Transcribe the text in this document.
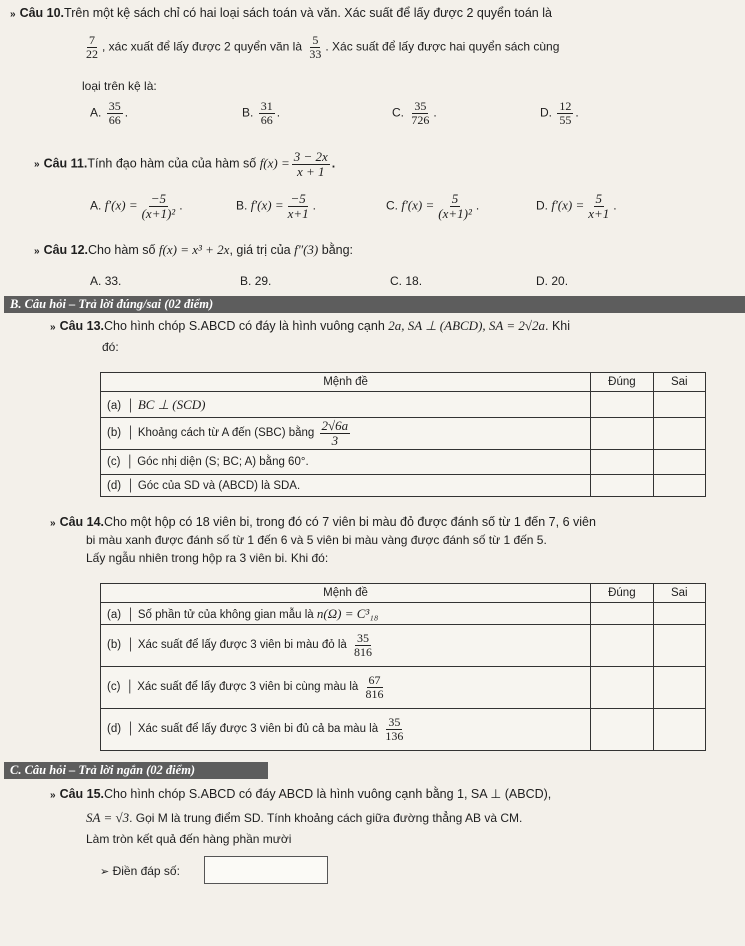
» Câu 10.Trên một kệ sách chỉ có hai loại sách toán và văn. Xác suất để lấy được 2 quyển toán là
$\frac{7}{22}$ , xác xuất để lấy được 2 quyển văn là $\frac{5}{33}$ . Xác suất để lấy được hai quyển sách cùng
loại trên kệ là:
A. $\frac{35}{66}$ .	B. $\frac{31}{66}$ .	C. $\frac{35}{726}$ .	D. $\frac{12}{55}$ .
» Câu 11.Tính đạo hàm của của hàm số $f(x) = \frac{3 - 2x}{x + 1}$ .
A. $f'(x) = \frac{-5}{\text{(x+1)²}}$ .	B. $f'(x) = \frac{-5}{x+1}$ .	C. $f'(x) = \frac{5}{\text{(x+1)²}}$ .	D. $f'(x) = \frac{5}{x+1}$ .
» Câu 12.Cho hàm số f(x) = x³ + 2x, giá trị của f″(3) bằng:
A. 33.	B. 29.	C. 18.	D. 20.
B. Câu hỏi – Trả lời đúng/sai (02 điểm)
» Câu 13.Cho hình chóp S.ABCD có đáy là hình vuông cạnh 2a, SA ⊥ (ABCD), SA = 2√2a. Khi
đó:
Mệnh đề	Đúng	Sai
(a)  │ BC ⊥ (SCD)		
(b)  │ Khoảng cách từ A đến (SBC) bằng $\frac{2√6a}{3}$

(c)  │ Góc nhị diện (S; BC; A) bằng 60°.		
(d)  │ Góc của SD và (ABCD) là SDA.		
» Câu 14.Cho một hộp có 18 viên bi, trong đó có 7 viên bi màu đỏ được đánh số từ 1 đến 7, 6 viên
bi màu xanh được đánh số từ 1 đến 6 và 5 viên bi màu vàng được đánh số từ 1 đến 5.
Lấy ngẫu nhiên trong hộp ra 3 viên bi. Khi đó:
Mệnh đề	Đúng	Sai
(a)  │ Số phần tử của không gian mẫu là n(Ω) = C³₁₈		
(b)  │ Xác suất để lấy được 3 viên bi màu đỏ là $\frac{35}{816}$

(c)  │ Xác suất để lấy được 3 viên bi cùng màu là $\frac{67}{816}$

(d)  │ Xác suất để lấy được 3 viên bi đủ cả ba màu là $\frac{35}{136}$

C. Câu hỏi – Trả lời ngắn (02 điểm)
» Câu 15.Cho hình chóp S.ABCD có đáy ABCD là hình vuông cạnh bằng 1, SA ⊥ (ABCD),
SA = √3. Gọi M là trung điểm SD. Tính khoảng cách giữa đường thẳng AB và CM.
Làm tròn kết quả đến hàng phần mười
➢ Điền đáp số:
